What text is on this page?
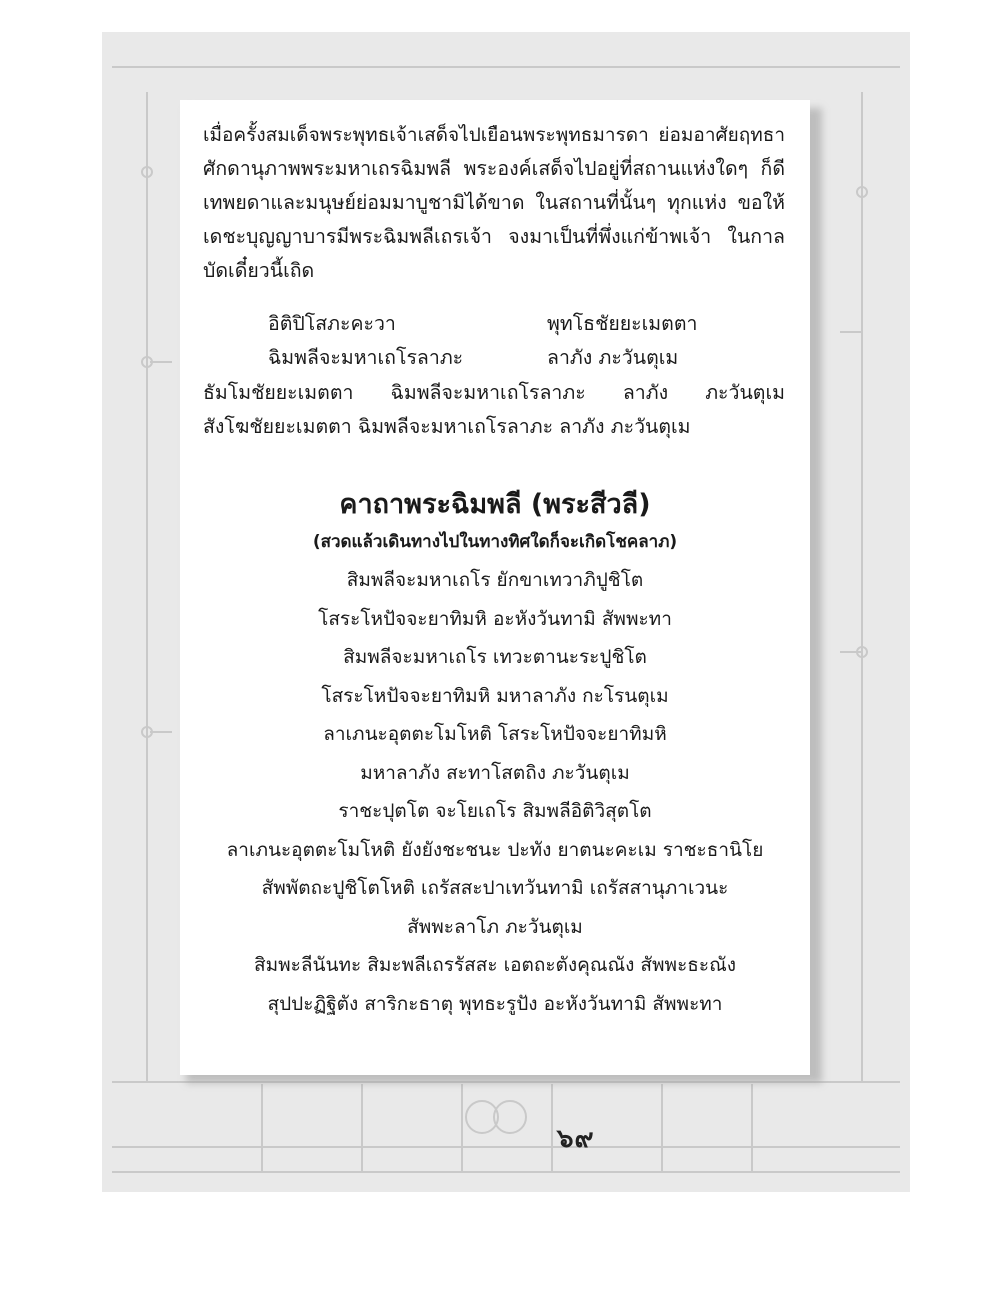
๖๙
เมื่อครั้งสมเด็จพระพุทธเจ้าเสด็จไปเยือนพระพุทธมารดา ย่อมอาศัยฤทธา
ศักดานุภาพพระมหาเถรฉิมพลี พระองค์เสด็จไปอยู่ที่สถานแห่งใดๆ ก็ดี
เทพยดาและมนุษย์ย่อมมาบูชามิได้ขาด ในสถานที่นั้นๆ ทุกแห่ง ขอให้
เดชะบุญญาบารมีพระฉิมพลีเถรเจ้า จงมาเป็นที่พึ่งแก่ข้าพเจ้า ในกาล
บัดเดี๋ยวนี้เถิด
อิติปิโสภะคะวา	พุทโธชัยยะเมตตา
ฉิมพลีจะมหาเถโรลาภะ	ลาภัง ภะวันตุเม
ธัมโมชัยยะเมตตา ฉิมพลีจะมหาเถโรลาภะ ลาภัง ภะวันตุเม
สังโฆชัยยะเมตตา ฉิมพลีจะมหาเถโรลาภะ ลาภัง ภะวันตุเม
คาถาพระฉิมพลี (พระสีวลี)
(สวดแล้วเดินทางไปในทางทิศใดก็จะเกิดโชคลาภ)
สิมพลีจะมหาเถโร ยักขาเทวาภิปูชิโต
โสระโหปัจจะยาทิมหิ อะหังวันทามิ สัพพะทา
สิมพลีจะมหาเถโร เทวะตานะระปูชิโต
โสระโหปัจจะยาทิมหิ มหาลาภัง กะโรนตุเม
ลาเภนะอุตตะโมโหติ โสระโหปัจจะยาทิมหิ
มหาลาภัง สะทาโสตถิง ภะวันตุเม
ราชะปุตโต จะโยเถโร สิมพลีอิติวิสุตโต
ลาเภนะอุตตะโมโหติ ยังยังชะชนะ ปะทัง ยาตนะคะเม ราชะธานิโย
สัพพัตถะปูชิโตโหติ เถรัสสะปาเทวันทามิ เถรัสสานุภาเวนะ
สัพพะลาโภ ภะวันตุเม
สิมพะลีนันทะ สิมะพลีเถรรัสสะ เอตถะตังคุณณัง สัพพะธะณัง
สุปปะฏิฐิตัง สาริกะธาตุ พุทธะรูปัง อะหังวันทามิ สัพพะทา
